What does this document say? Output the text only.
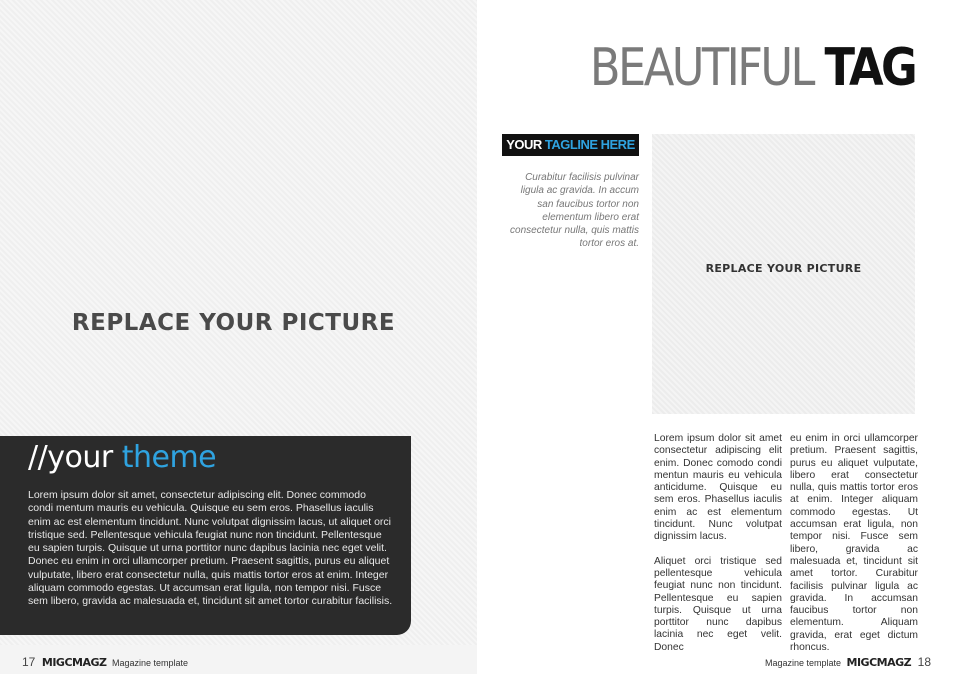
REPLACE YOUR PICTURE
//your theme
Lorem ipsum dolor sit amet, consectetur adipiscing elit. Donec commodo condi mentum mauris eu vehicula. Quisque eu sem eros. Phasellus iaculis enim ac est elementum tincidunt. Nunc volutpat dignissim lacus, ut aliquet orci tristique sed. Pellentesque vehicula feugiat nunc non tincidunt. Pellentesque eu sapien turpis. Quisque ut urna porttitor nunc dapibus lacinia nec eget velit. Donec eu enim in orci ullamcorper pretium. Praesent sagittis, purus eu aliquet vulputate, libero erat consectetur nulla, quis mattis tortor eros at enim. Integer aliquam commodo egestas. Ut accumsan erat ligula, non tempor nisi. Fusce sem libero, gravida ac malesuada et, tincidunt sit amet tortor curabitur facilisis.
17 MIGCMAGZ Magazine template
BEAUTIFUL TAG
YOUR TAGLINE HERE
Curabitur facilisis pulvinar ligula ac gravida. In accum san faucibus tortor non elementum libero erat consectetur nulla, quis mattis tortor eros at.
REPLACE YOUR PICTURE

Lorem ipsum dolor sit amet consectetur adipiscing elit enim. Donec comodo condi mentun mauris eu vehicula anticidume. Quisque eu sem eros. Phasellus iaculis enim ac est elementum tincidunt. Nunc volutpat dignissim lacus.

Aliquet orci tristique sed pellentesque vehicula feugiat nunc non tincidunt. Pellentesque eu sapien turpis. Quisque ut urna porttitor nunc dapibus lacinia nec eget velit. Donec

eu enim in orci ullamcorper pretium. Praesent sagittis, purus eu aliquet vulputate, libero erat consectetur nulla, quis mattis tortor eros at enim. Integer aliquam commodo egestas. Ut accumsan erat ligula, non tempor nisi. Fusce sem libero, gravida ac malesuada et, tincidunt sit amet tortor. Curabitur facilisis pulvinar ligula ac gravida. In accumsan faucibus tortor non elementum. Aliquam gravida, erat eget dictum rhoncus.

Magazine template MIGCMAGZ 18
